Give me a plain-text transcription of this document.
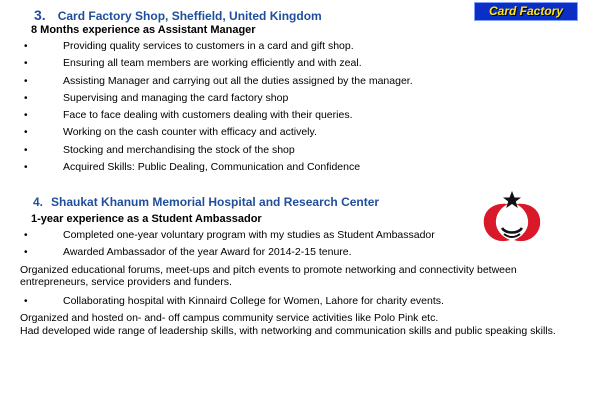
Card Factory
3. Card Factory Shop, Sheffield, United Kingdom
8 Months experience as Assistant Manager
•	Providing quality services to customers in a card and gift shop.
•	Ensuring all team members are working efficiently and with zeal.
•	Assisting Manager and carrying out all the duties assigned by the manager.
•	Supervising and managing the card factory shop
•	Face to face dealing with customers dealing with their queries.
•	Working on the cash counter with efficacy and actively.
•	Stocking and merchandising the stock of the shop
•	Acquired Skills: Public Dealing, Communication and Confidence
4. Shaukat Khanum Memorial Hospital and Research Center
1-year experience as a Student Ambassador
•	Completed one-year voluntary program with my studies as Student Ambassador
•	Awarded Ambassador of the year Award for 2014-2-15 tenure.
Organized educational forums, meet-ups and pitch events to promote networking and connectivity between entrepreneurs, service providers and funders.
•	Collaborating hospital with Kinnaird College for Women, Lahore for charity events.
Organized and hosted on- and- off campus community service activities like Polo Pink etc.
Had developed wide range of leadership skills, with networking and communication skills and public speaking skills.
